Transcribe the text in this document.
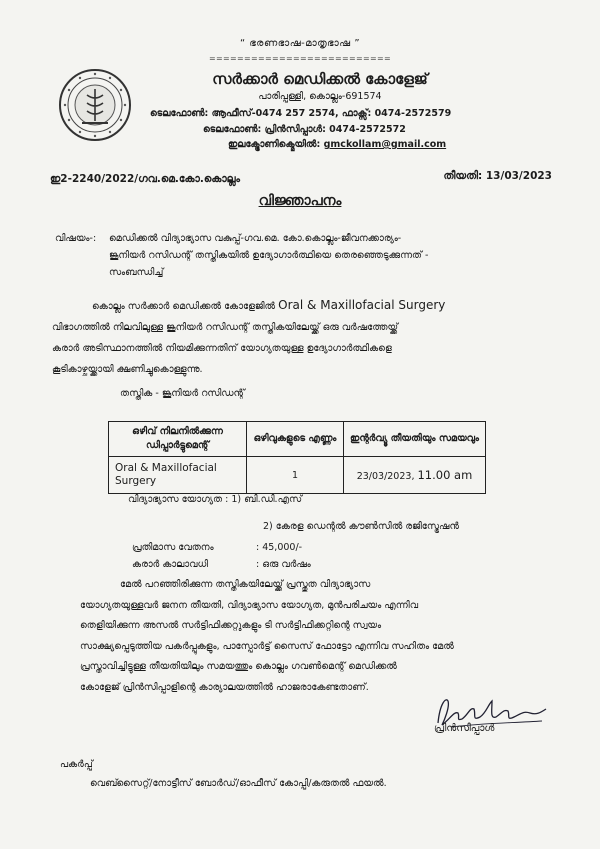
“ ഭരണഭാഷ-മാതൃഭാഷ ”
==========================
സർക്കാർ മെഡിക്കൽ കോളേജ്
പാരിപ്പള്ളി, കൊല്ലം-691574
ടെലഫോൺ: ആഫീസ്-0474 257 2574, ഫാക്സ്: 0474-2572579
ടെലഫോൺ: പ്രിൻസിപ്പാൾ: 0474-2572572
ഇലക്ട്രോണിക്മെയിൽ: gmckollam@gmail.com
ഇ2-2240/2022/ഗവ.മെ.കോ.കൊല്ലം	തീയതി: 13/03/2023
വിജ്ഞാപനം
വിഷയം-: മെഡിക്കൽ വിദ്യാഭ്യാസ വകുപ്പ്-ഗവ.മെ. കോ.കൊല്ലം-ജീവനക്കാര്യം-
ജൂനിയർ റസിഡന്റ് തസ്തികയിൽ ഉദ്യോഗാർത്ഥിയെ തെരഞ്ഞെടുക്കുന്നത് -
സംബന്ധിച്ച്
കൊല്ലം സർക്കാർ മെഡിക്കൽ കോളേജിൽ Oral & Maxillofacial Surgery
വിഭാഗത്തിൽ നിലവിലുള്ള ജൂനിയർ റസിഡന്റ് തസ്തികയിലേയ്ക്ക് ഒരു വർഷത്തേയ്ക്ക്
കരാർ അടിസ്ഥാനത്തിൽ നിയമിക്കുന്നതിന് യോഗ്യതയുള്ള ഉദ്യോഗാർത്ഥികളെ
കൂടികാഴ്ചയ്ക്കായി ക്ഷണിച്ചുകൊള്ളുന്നു.
തസ്തിക - ജൂനിയർ റസിഡന്റ്
ഒഴിവ് നിലനിൽക്കുന്ന ഡിപ്പാർട്ടുമെന്റ്	ഒഴിവുകളുടെ എണ്ണം	ഇന്റർവ്യൂ തീയതിയും സമയവും
Oral & Maxillofacial Surgery	1	23/03/2023, 11.00 am
വിദ്യാഭ്യാസ യോഗ്യത : 1) ബി.ഡി.എസ്
2) കേരള ഡെന്റൽ കൗൺസിൽ രജിസ്ട്രേഷൻ
പ്രതിമാസ വേതനം	: 45,000/-
കരാർ കാലാവധി	: ഒരു വർഷം
മേൽ പറഞ്ഞിരിക്കുന്ന തസ്തികയിലേയ്ക്ക് പ്രസ്തുത വിദ്യാഭ്യാസ
യോഗ്യതയുള്ളവർ ജനന തീയതി, വിദ്യാഭ്യാസ യോഗ്യത, മുൻപരിചയം എന്നിവ
തെളിയിക്കുന്ന അസൽ സർട്ടിഫിക്കറ്റുകളും ടി സർട്ടിഫിക്കറ്റിന്റെ സ്വയം
സാക്ഷ്യപ്പെടുത്തിയ പകർപ്പുകളും, പാസ്പോർട്ട് സൈസ് ഫോട്ടോ എന്നിവ സഹിതം മേൽ
പ്രസ്താവിച്ചിട്ടുള്ള തീയതിയിലും സമയത്തും കൊല്ലം ഗവൺമെന്റ് മെഡിക്കൽ
കോളേജ് പ്രിൻസിപ്പാളിന്റെ കാര്യാലയത്തിൽ ഹാജരാകേണ്ടതാണ്.
പ്രിൻസിപ്പാൾ
പകർപ്പ്
വെബ്സൈറ്റ്/നോട്ടീസ് ബോർഡ്/ഓഫീസ് കോപ്പി/കരുതൽ ഫയൽ.
